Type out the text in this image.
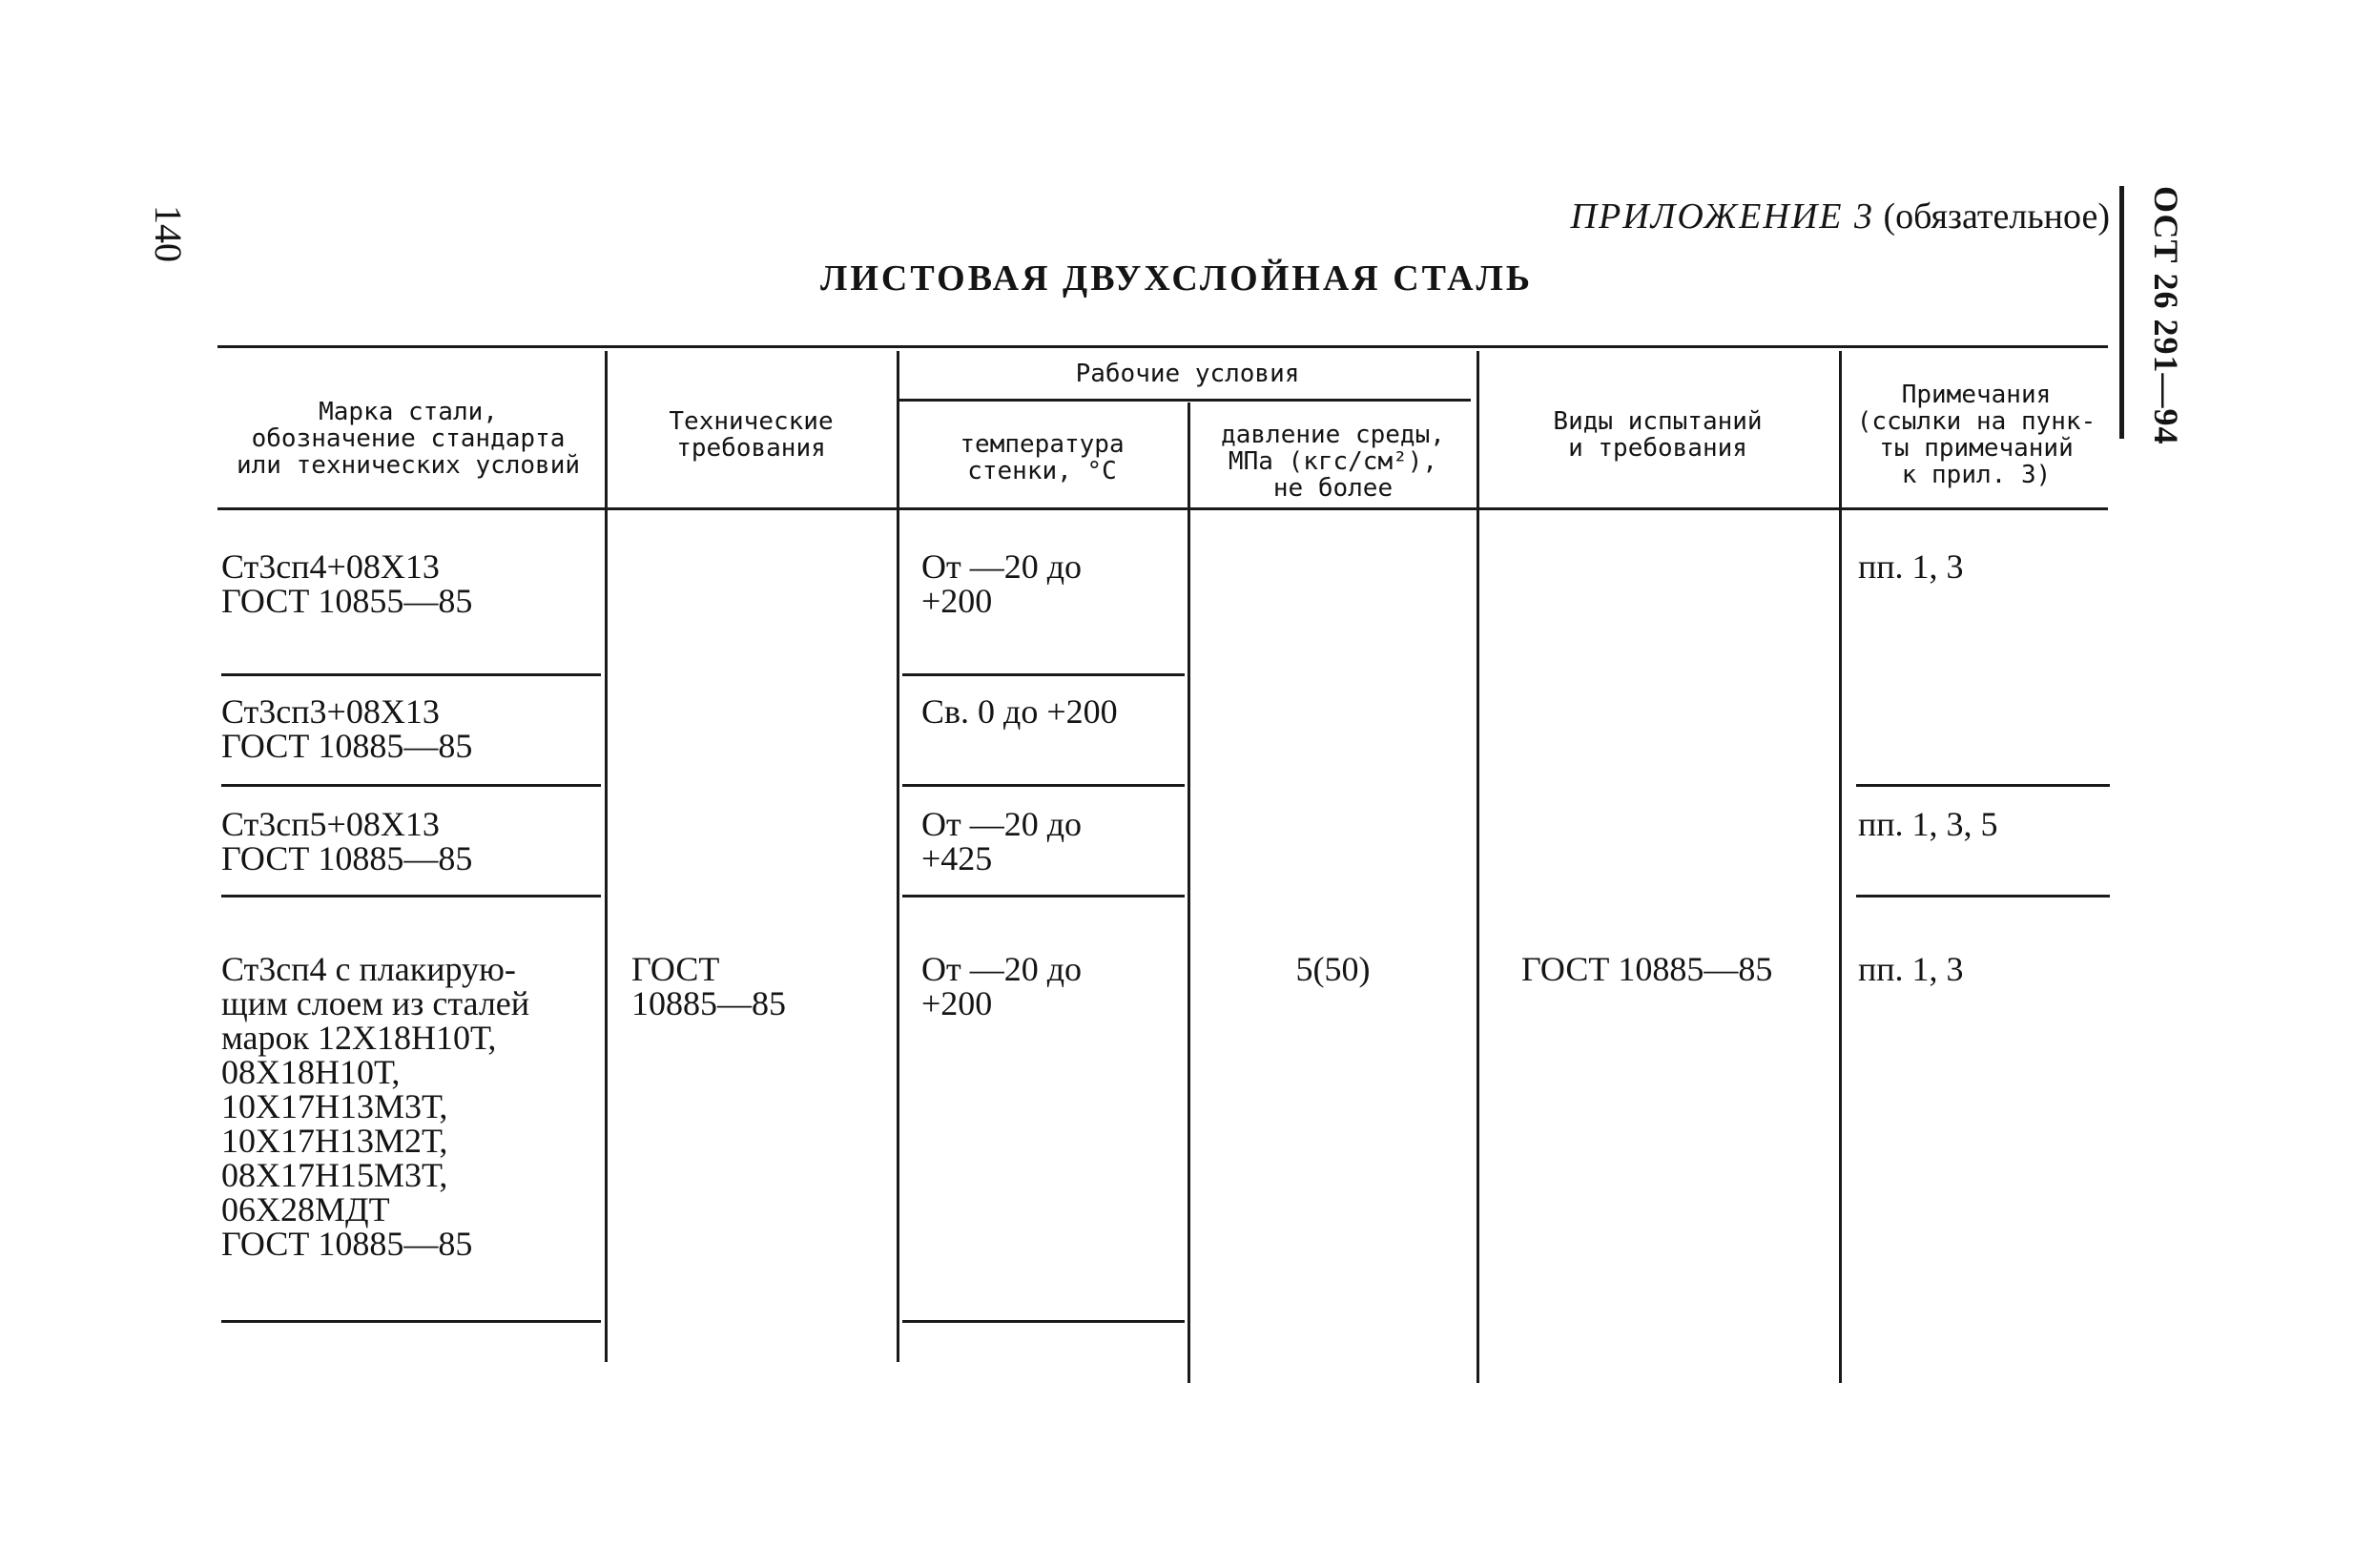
140	ОСТ 26 291—94
ПРИЛОЖЕНИЕ 3 (обязательное)
ЛИСТОВАЯ ДВУХСЛОЙНАЯ СТАЛЬ
Марка стали,
обозначение стандарта
или технических условий
Технические
требования
Рабочие условия
температура
стенки, °С
давление среды,
МПа (кгс/см²),
не более
Виды испытаний
и требования
Примечания
(ссылки на пунк-
ты примечаний
к прил. 3)
Ст3сп4+08Х13
ГОСТ 10855—85
От —20 до
+200
пп. 1, 3
Ст3сп3+08Х13
ГОСТ 10885—85
Св. 0 до +200
Ст3сп5+08Х13
ГОСТ 10885—85
От —20 до
+425
пп. 1, 3, 5
Ст3сп4 с плакирую-
щим слоем из сталей
марок 12Х18Н10Т,
08Х18Н10Т,
10Х17Н13М3Т,
10Х17Н13М2Т,
08Х17Н15М3Т,
06Х28МДТ
ГОСТ 10885—85
От —20 до
+200
пп. 1, 3
ГОСТ
10885—85
5(50)	ГОСТ 10885—85
